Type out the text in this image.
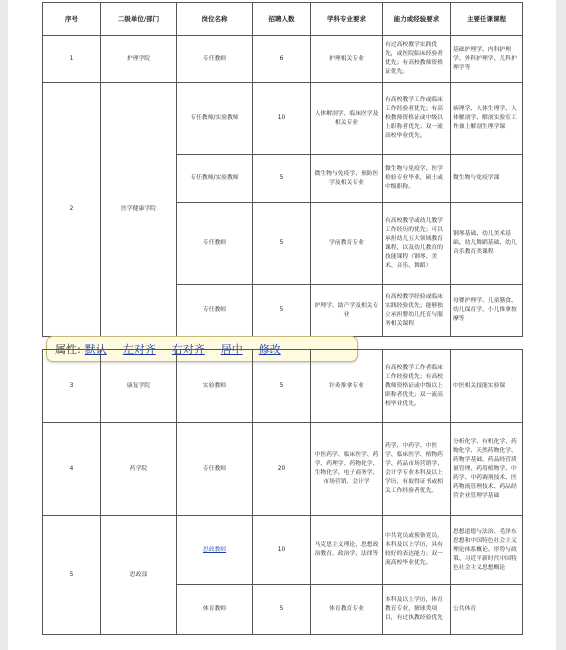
序号	二级单位/部门	岗位名称	招聘人数	学科专业要求	能力或经验要求	主要任课课程
1	护理学院	专任教师	6	护理相关专业	有过高校教学实践优先，或医院临床经验者优先；有高校教师资格证优先。	基础护理学、内科护理学、外科护理学、儿科护理学等
2	医学健康学院	专任教师/实验教师	10	人体解剖学、临床医学及相关专业	有高校教学工作或临床工作经验者优先；有高校教师资格证或中级以上职称者优先；双一流高校毕业优先。	病理学、人体生理学、人体解剖学、解剖实验室工作兼上解剖生理学课
		专任教师/实验教师	5	微生物与免疫学、预防医学及相关专业	微生物与免疫学、医学检验专业毕业，硕士或中级职称。	微生物与免疫学课
		专任教师	5	学前教育专业	有高校教学或幼儿教学工作经历的优先；可以承担幼儿五大领域教育课程，以及幼儿教育的技能课程（钢琴、美术、音乐、舞蹈）	钢琴基础、幼儿美术基础、幼儿舞蹈基础、幼儿音乐教育类课程
		专任教师	5	护理学、助产学及相关专业	有高校教学经验或临床实践经验优先；能够独立承担婴幼儿托育与服务相关课程	母婴护理学、儿童膳食、幼儿保育学、小儿推拿按摩等
属性: 默认 左对齐 右对齐 居中 修改
3	康复学院	实验教师	5	针灸推拿专业	有高校教学工作者临床工作经验优先；有高校教师资格证或中级以上职称者优先；双一流高校毕业优先。	中医相关技能实验课
4	药学院	专任教师	20	中医药学、临床医学、药学、药理学、药物化学、生物化学、电子商务学、市场营销、会计学	药学、中药学、中医学、临床医学、植物药学、药品市场营销学、会计学专业本科及以上学历，有取得证书或相关工作经验者优先。	分析化学、有机化学、药物化学、天然药物化学、药物学基础、药品经营质量管理、药用植物学、中药学、中药调剂技术、医药物流管理技术、药品经营企业管理学基础
5	思政部	思政教师	10	马克思主义理论、思想政治教育、政治学、法律等	中共党员或预备党员，本科及以上学历，具有较好的表达能力；双一流高校毕业优先。	思想道德与法治、毛泽东思想和中国特色社会主义理论体系概论、形势与政策、习近平新时代中国特色社会主义思想概论
		体育教师	5	体育教育专业	本科及以上学历，体育教育专业，擅球类项目，有过执教经验优先	公共体育
